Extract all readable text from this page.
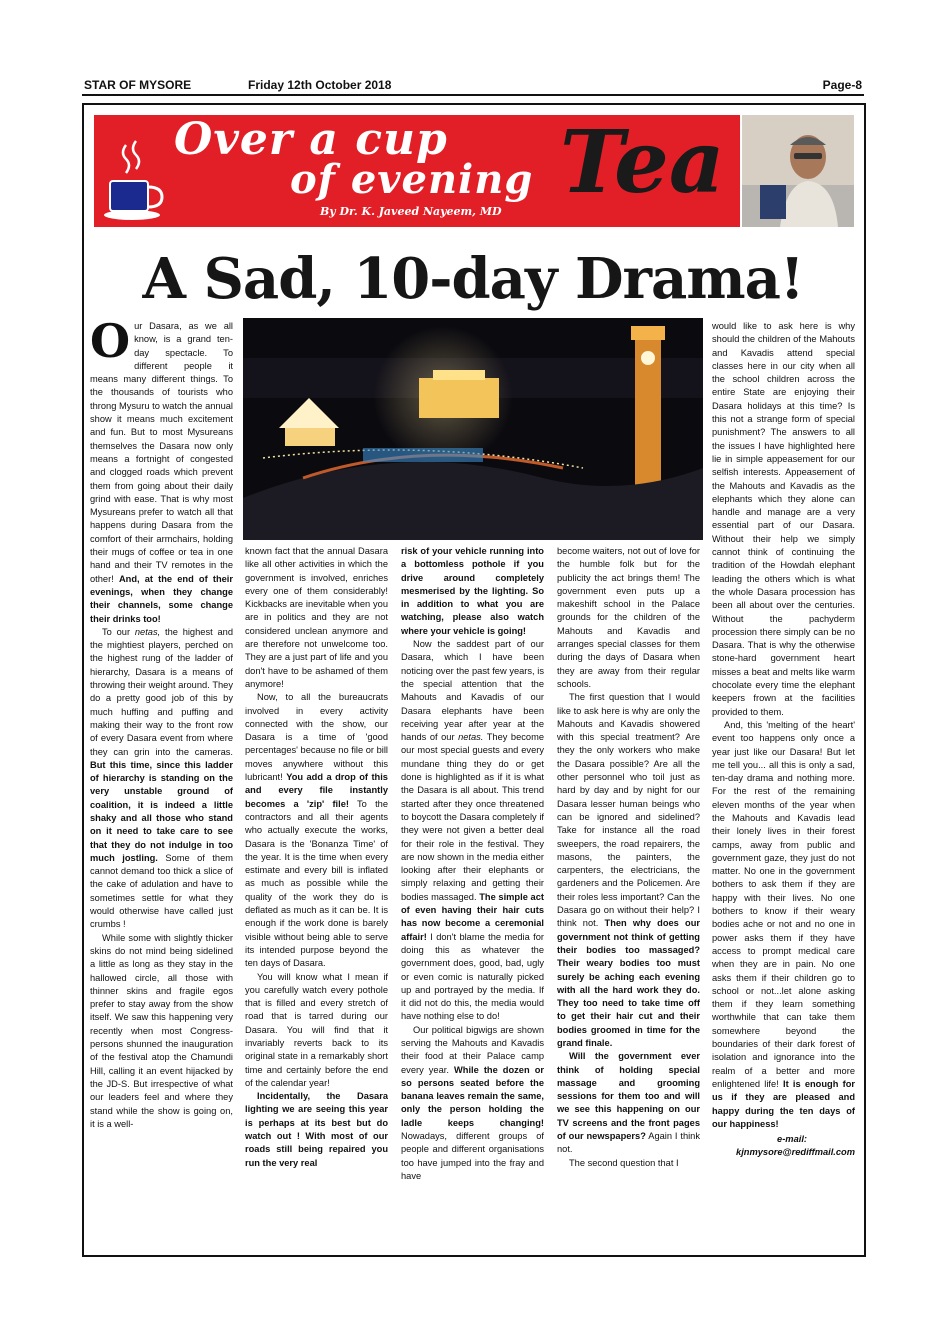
STAR OF MYSORE	Friday 12th October 2018	Page-8
Over a cup
of evening Tea
By Dr. K. Javeed Nayeem, MD
A Sad, 10-day Drama!

Our Dasara, as we all know, is a grand ten-day spectacle. To different people it means many different things. To the thousands of tourists who throng Mysuru to watch the annual show it means much excitement and fun. But to most Mysureans themselves the Dasara now only means a fortnight of congested and clogged roads which prevent them from going about their daily grind with ease. That is why most Mysureans prefer to watch all that happens during Dasara from the comfort of their armchairs, holding their mugs of coffee or tea in one hand and their TV remotes in the other! And, at the end of their evenings, when they change their channels, some change their drinks too!

To our netas, the highest and the mightiest players, perched on the highest rung of the ladder of hierarchy, Dasara is a means of throwing their weight around. They do a pretty good job of this by much huffing and puffing and making their way to the front row of every Dasara event from where they can grin into the cameras. But this time, since this ladder of hierarchy is standing on the very unstable ground of coalition, it is indeed a little shaky and all those who stand on it need to take care to see that they do not indulge in too much jostling. Some of them cannot demand too thick a slice of the cake of adulation and have to sometimes settle for what they would otherwise have called just crumbs !

While some with slightly thicker skins do not mind being sidelined a little as long as they stay in the hallowed circle, all those with thinner skins and fragile egos prefer to stay away from the show itself. We saw this happening very recently when most Congress-persons shunned the inauguration of the festival atop the Chamundi Hill, calling it an event hijacked by the JD-S. But irrespective of what our leaders feel and where they stand while the show is going on, it is a well-

known fact that the annual Dasara like all other activities in which the government is involved, enriches every one of them considerably! Kickbacks are inevitable when you are in politics and they are not considered unclean anymore and are therefore not unwelcome too. They are a just part of life and you don't have to be ashamed of them anymore!

Now, to all the bureaucrats involved in every activity connected with the show, our Dasara is a time of 'good percentages' because no file or bill moves anywhere without this lubricant! You add a drop of this and every file instantly becomes a 'zip' file! To the contractors and all their agents who actually execute the works, Dasara is the 'Bonanza Time' of the year. It is the time when every estimate and every bill is inflated as much as possible while the quality of the work they do is deflated as much as it can be. It is enough if the work done is barely visible without being able to serve its intended purpose beyond the ten days of Dasara.

You will know what I mean if you carefully watch every pothole that is filled and every stretch of road that is tarred during our Dasara. You will find that it invariably reverts back to its original state in a remarkably short time and certainly before the end of the calendar year!

Incidentally, the Dasara lighting we are seeing this year is perhaps at its best but do watch out ! With most of our roads still being repaired you run the very real

risk of your vehicle running into a bottomless pothole if you drive around completely mesmerised by the lighting. So in addition to what you are watching, please also watch where your vehicle is going!

Now the saddest part of our Dasara, which I have been noticing over the past few years, is the special attention that the Mahouts and Kavadis of our Dasara elephants have been receiving year after year at the hands of our netas. They become our most special guests and every mundane thing they do or get done is highlighted as if it is what the Dasara is all about. This trend started after they once threatened to boycott the Dasara completely if they were not given a better deal for their role in the festival. They are now shown in the media either looking after their elephants or simply relaxing and getting their bodies massaged. The simple act of even having their hair cuts has now become a ceremonial affair! I don't blame the media for doing this as whatever the government does, good, bad, ugly or even comic is naturally picked up and portrayed by the media. If it did not do this, the media would have nothing else to do!

Our political bigwigs are shown serving the Mahouts and Kavadis their food at their Palace camp every year. While the dozen or so persons seated before the banana leaves remain the same, only the person holding the ladle keeps changing! Nowadays, different groups of people and different organisations too have jumped into the fray and have

become waiters, not out of love for the humble folk but for the publicity the act brings them! The government even puts up a makeshift school in the Palace grounds for the children of the Mahouts and Kavadis and arranges special classes for them during the days of Dasara when they are away from their regular schools.

The first question that I would like to ask here is why are only the Mahouts and Kavadis showered with this special treatment? Are they the only workers who make the Dasara possible? Are all the other personnel who toil just as hard by day and by night for our Dasara lesser human beings who can be ignored and sidelined? Take for instance all the road sweepers, the road repairers, the masons, the painters, the carpenters, the electricians, the gardeners and the Policemen. Are their roles less important? Can the Dasara go on without their help? I think not. Then why does our government not think of getting their bodies too massaged? Their weary bodies too must surely be aching each evening with all the hard work they do. They too need to take time off to get their hair cut and their bodies groomed in time for the grand finale.

Will the government ever think of holding special massage and grooming sessions for them too and will we see this happening on our TV screens and the front pages of our newspapers? Again I think not.

The second question that I

would like to ask here is why should the children of the Mahouts and Kavadis attend special classes here in our city when all the school children across the entire State are enjoying their Dasara holidays at this time? Is this not a strange form of special punishment? The answers to all the issues I have highlighted here lie in simple appeasement for our selfish interests. Appeasement of the Mahouts and Kavadis as the elephants which they alone can handle and manage are a very essential part of our Dasara. Without their help we simply cannot think of continuing the tradition of the Howdah elephant leading the others which is what the whole Dasara procession has been all about over the centuries. Without the pachyderm procession there simply can be no Dasara. That is why the otherwise stone-hard government heart misses a beat and melts like warm chocolate every time the elephant keepers frown at the facilities provided to them.

And, this 'melting of the heart' event too happens only once a year just like our Dasara! But let me tell you... all this is only a sad, ten-day drama and nothing more. For the rest of the remaining eleven months of the year when the Mahouts and Kavadis lead their lonely lives in their forest camps, away from public and government gaze, they just do not matter. No one in the government bothers to ask them if they are happy with their lives. No one bothers to know if their weary bodies ache or not and no one in power asks them if they have access to prompt medical care when they are in pain. No one asks them if their children go to school or not...let alone asking them if they learn something worthwhile that can take them somewhere beyond the boundaries of their dark forest of isolation and ignorance into the realm of a better and more enlightened life! It is enough for us if they are pleased and happy during the ten days of our happiness!

e-mail:
kjnmysore@rediffmail.com
